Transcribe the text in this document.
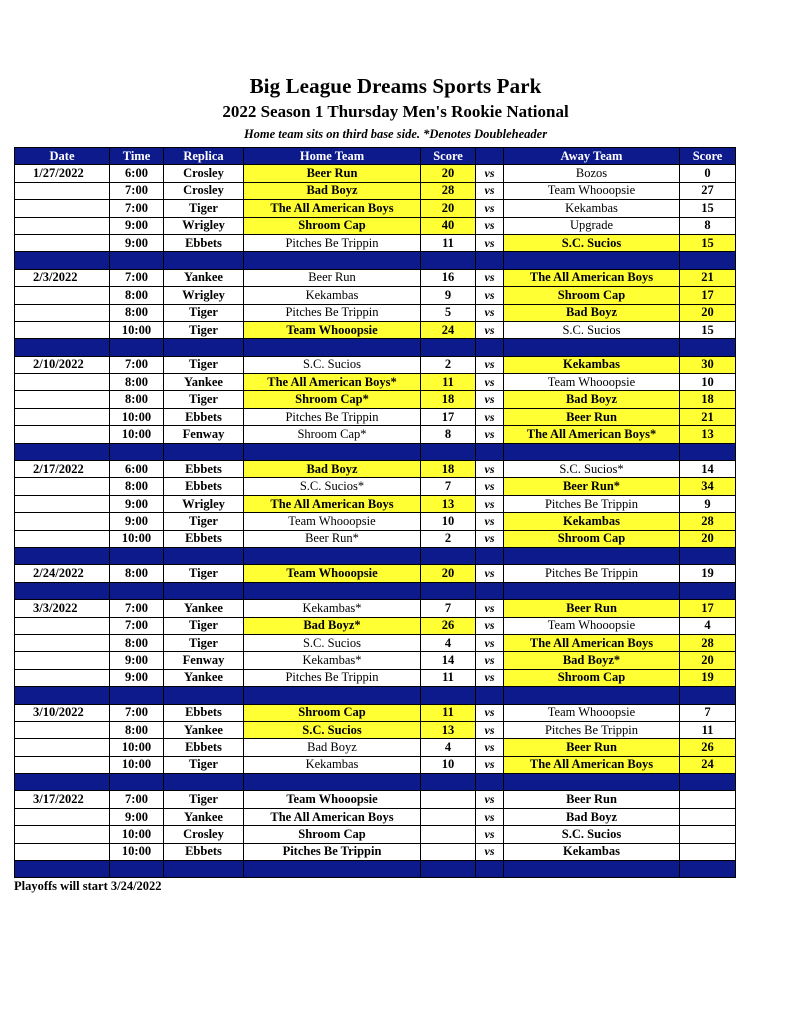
Big League Dreams Sports Park
2022 Season 1 Thursday Men's Rookie National
Home team sits on third base side. *Denotes Doubleheader
Date	Time	Replica	Home Team	Score		Away Team	Score
1/27/2022	6:00	Crosley	Beer Run	20	vs	Bozos	0
	7:00	Crosley	Bad Boyz	28	vs	Team Whooopsie	27
	7:00	Tiger	The All American Boys	20	vs	Kekambas	15
	9:00	Wrigley	Shroom Cap	40	vs	Upgrade	8
	9:00	Ebbets	Pitches Be Trippin	11	vs	S.C. Sucios	15

2/3/2022	7:00	Yankee	Beer Run	16	vs	The All American Boys	21
	8:00	Wrigley	Kekambas	9	vs	Shroom Cap	17
	8:00	Tiger	Pitches Be Trippin	5	vs	Bad Boyz	20
	10:00	Tiger	Team Whooopsie	24	vs	S.C. Sucios	15

2/10/2022	7:00	Tiger	S.C. Sucios	2	vs	Kekambas	30
	8:00	Yankee	The All American Boys*	11	vs	Team Whooopsie	10
	8:00	Tiger	Shroom Cap*	18	vs	Bad Boyz	18
	10:00	Ebbets	Pitches Be Trippin	17	vs	Beer Run	21
	10:00	Fenway	Shroom Cap*	8	vs	The All American Boys*	13

2/17/2022	6:00	Ebbets	Bad Boyz	18	vs	S.C. Sucios*	14
	8:00	Ebbets	S.C. Sucios*	7	vs	Beer Run*	34
	9:00	Wrigley	The All American Boys	13	vs	Pitches Be Trippin	9
	9:00	Tiger	Team Whooopsie	10	vs	Kekambas	28
	10:00	Ebbets	Beer Run*	2	vs	Shroom Cap	20

2/24/2022	8:00	Tiger	Team Whooopsie	20	vs	Pitches Be Trippin	19

3/3/2022	7:00	Yankee	Kekambas*	7	vs	Beer Run	17
	7:00	Tiger	Bad Boyz*	26	vs	Team Whooopsie	4
	8:00	Tiger	S.C. Sucios	4	vs	The All American Boys	28
	9:00	Fenway	Kekambas*	14	vs	Bad Boyz*	20
	9:00	Yankee	Pitches Be Trippin	11	vs	Shroom Cap	19

3/10/2022	7:00	Ebbets	Shroom Cap	11	vs	Team Whooopsie	7
	8:00	Yankee	S.C. Sucios	13	vs	Pitches Be Trippin	11
	10:00	Ebbets	Bad Boyz	4	vs	Beer Run	26
	10:00	Tiger	Kekambas	10	vs	The All American Boys	24

3/17/2022	7:00	Tiger	Team Whooopsie		vs	Beer Run	
	9:00	Yankee	The All American Boys		vs	Bad Boyz	
	10:00	Crosley	Shroom Cap		vs	S.C. Sucios	
	10:00	Ebbets	Pitches Be Trippin		vs	Kekambas	

Playoffs will start 3/24/2022
